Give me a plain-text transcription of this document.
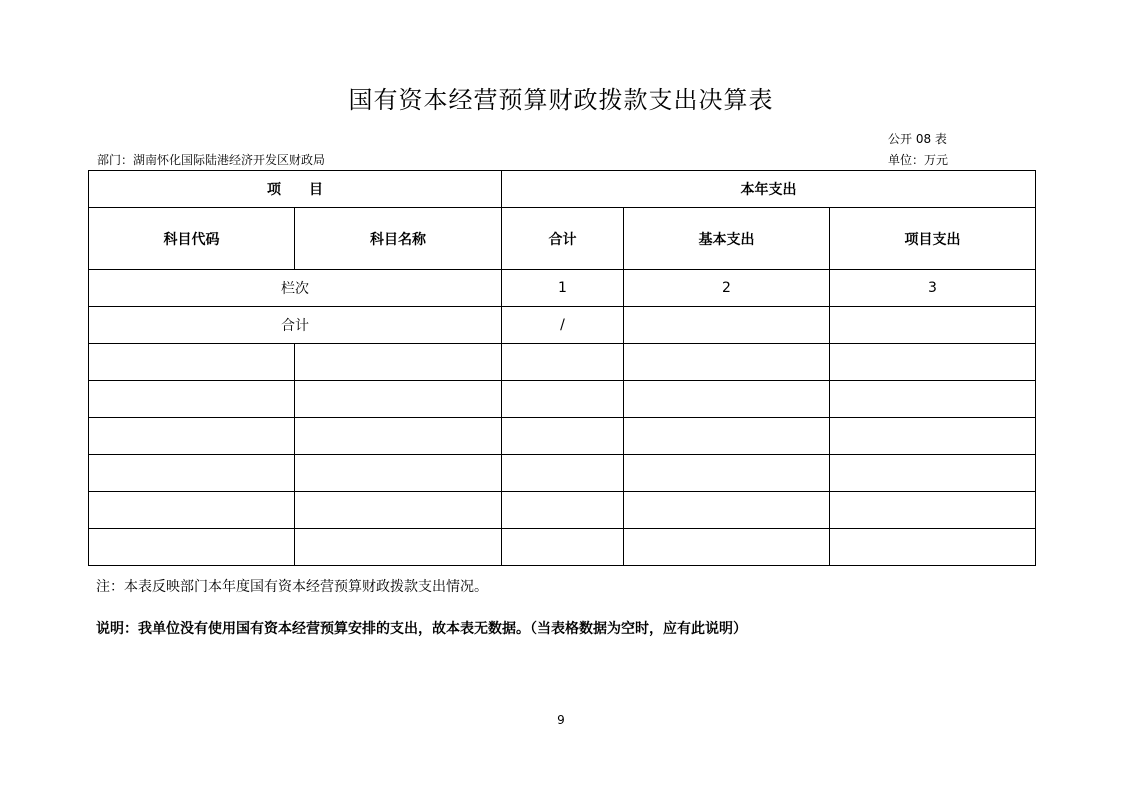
国有资本经营预算财政拨款支出决算表
公开 08 表
部门：湖南怀化国际陆港经济开发区财政局	单位：万元
项　　目		本年支出		
科目代码	科目名称	合计	基本支出	项目支出
栏次		1	2	3
合计		/		

注：本表反映部门本年度国有资本经营预算财政拨款支出情况。
说明：我单位没有使用国有资本经营预算安排的支出，故本表无数据。（当表格数据为空时，应有此说明）
9
